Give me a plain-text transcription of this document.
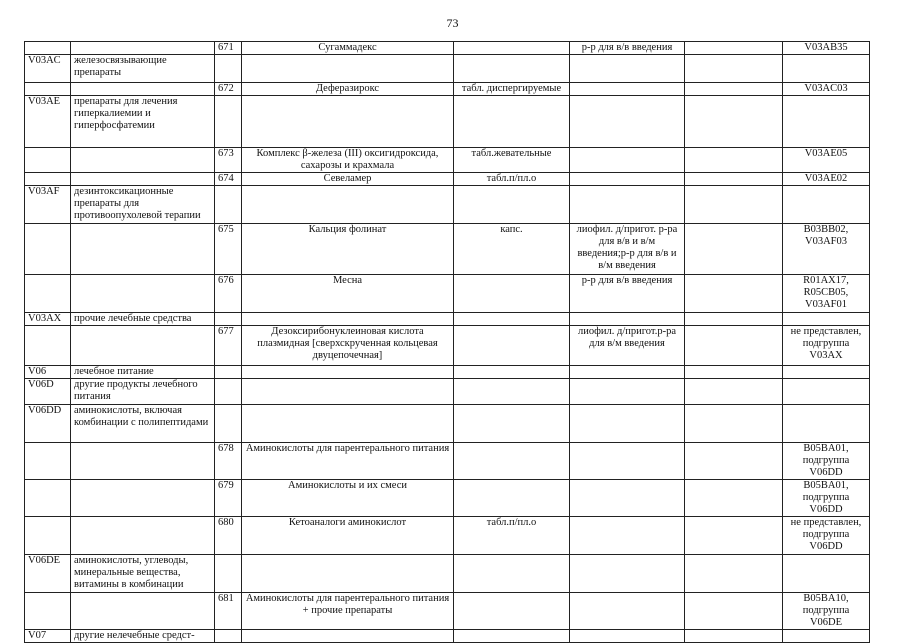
73
		671	Сугаммадекс		р-р для в/в введения		V03AB35
V03AC	железосвязывающие препараты						
		672	Деферазирокс	табл. диспергируемые			V03AC03
V03AE	препараты для лечения гиперкалиемии и гиперфосфатемии						
		673	Комплекс β-железа (III) оксигидроксида, сахарозы и крахмала	табл.жевательные			V03AE05
		674	Севеламер	табл.п/пл.о			V03AE02
V03AF	дезинтоксикационные препараты для противоопухолевой терапии						
		675	Кальция фолинат	капс.	лиофил. д/пригот. р-ра для в/в и в/м введения;р-р для в/в и в/м введения		B03BB02, V03AF03
		676	Месна		р-р для в/в введения		R01AX17, R05CB05, V03AF01
V03AX	прочие лечебные средства						
		677	Дезоксирибонуклеиновая кислота плазмидная [сверхскрученная кольцевая двуцепочечная]		лиофил. д/пригот.р-ра для в/м введения		не представлен, подгруппа V03AX
V06	лечебное питание						
V06D	другие продукты лечебного питания						
V06DD	аминокислоты, включая комбинации с полипептидами						
		678	Аминокислоты для парентерального питания				B05BA01, подгруппа V06DD
		679	Аминокислоты и их смеси				B05BA01, подгруппа V06DD
		680	Кетоаналоги аминокислот	табл.п/пл.о			не представлен, подгруппа V06DD
V06DE	аминокислоты, углеводы, минеральные вещества, витамины в комбинации						
		681	Аминокислоты для парентерального питания + прочие препараты				B05BA10, подгруппа V06DE
V07	другие нелечебные средст-						
